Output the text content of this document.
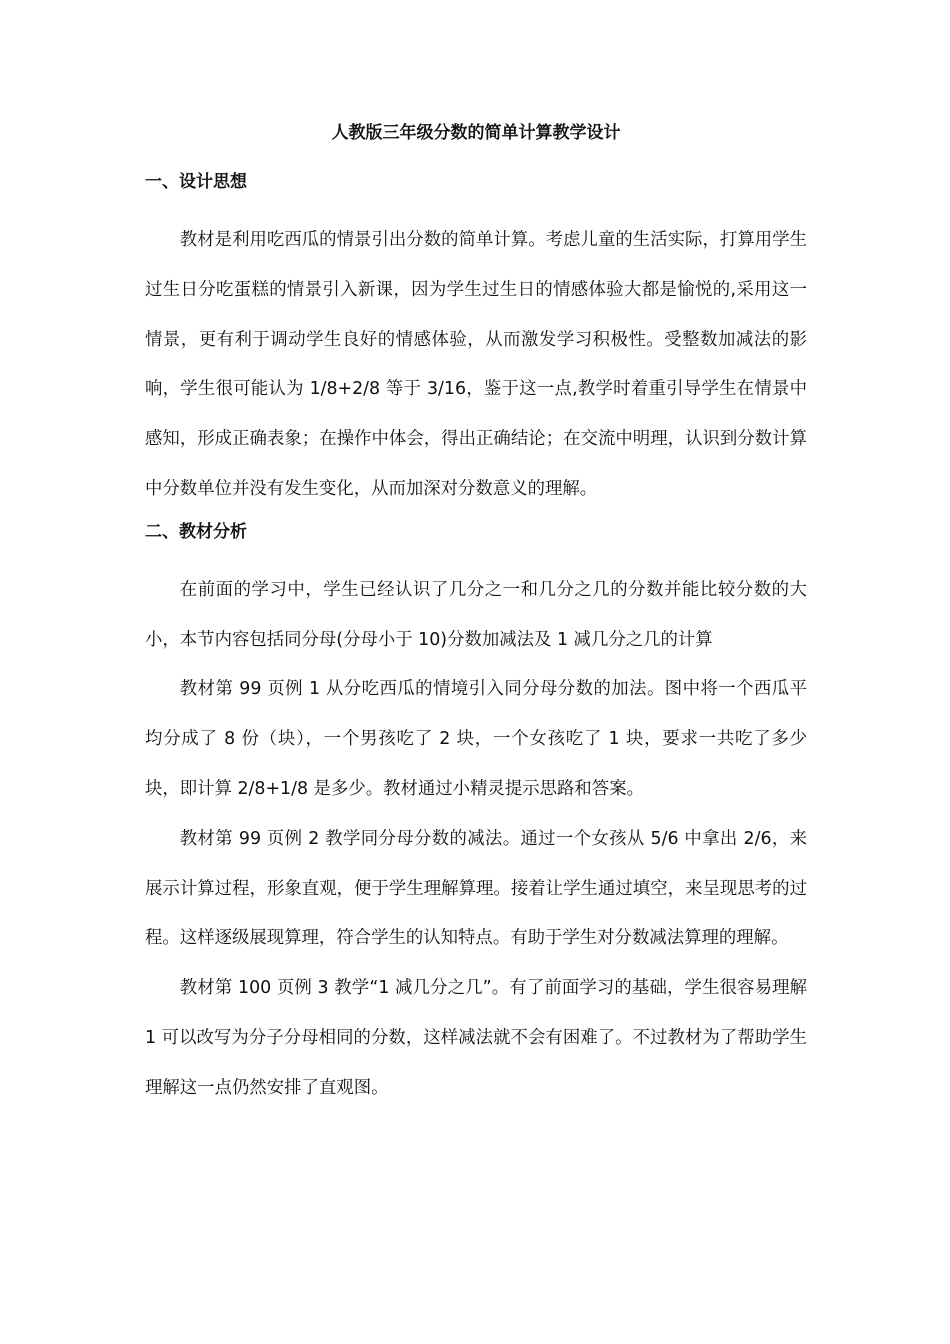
人教版三年级分数的简单计算教学设计
一、设计思想

教材是利用吃西瓜的情景引出分数的简单计算。考虑儿童的生活实际，打算用学生过生日分吃蛋糕的情景引入新课，因为学生过生日的情感体验大都是愉悦的,采用这一情景，更有利于调动学生良好的情感体验，从而激发学习积极性。受整数加减法的影响，学生很可能认为 1/8+2/8 等于 3/16，鉴于这一点,教学时着重引导学生在情景中感知，形成正确表象；在操作中体会，得出正确结论；在交流中明理，认识到分数计算中分数单位并没有发生变化，从而加深对分数意义的理解。

二、教材分析

在前面的学习中，学生已经认识了几分之一和几分之几的分数并能比较分数的大小，本节内容包括同分母(分母小于 10)分数加减法及 1 减几分之几的计算

教材第 99 页例 1 从分吃西瓜的情境引入同分母分数的加法。图中将一个西瓜平均分成了 8 份（块），一个男孩吃了 2 块，一个女孩吃了 1 块，要求一共吃了多少块，即计算 2/8+1/8 是多少。教材通过小精灵提示思路和答案。

教材第 99 页例 2 教学同分母分数的减法。通过一个女孩从 5/6 中拿出 2/6，来展示计算过程，形象直观，便于学生理解算理。接着让学生通过填空，来呈现思考的过程。这样逐级展现算理，符合学生的认知特点。有助于学生对分数减法算理的理解。

教材第 100 页例 3 教学“1 减几分之几”。有了前面学习的基础，学生很容易理解 1 可以改写为分子分母相同的分数，这样减法就不会有困难了。不过教材为了帮助学生理解这一点仍然安排了直观图。
